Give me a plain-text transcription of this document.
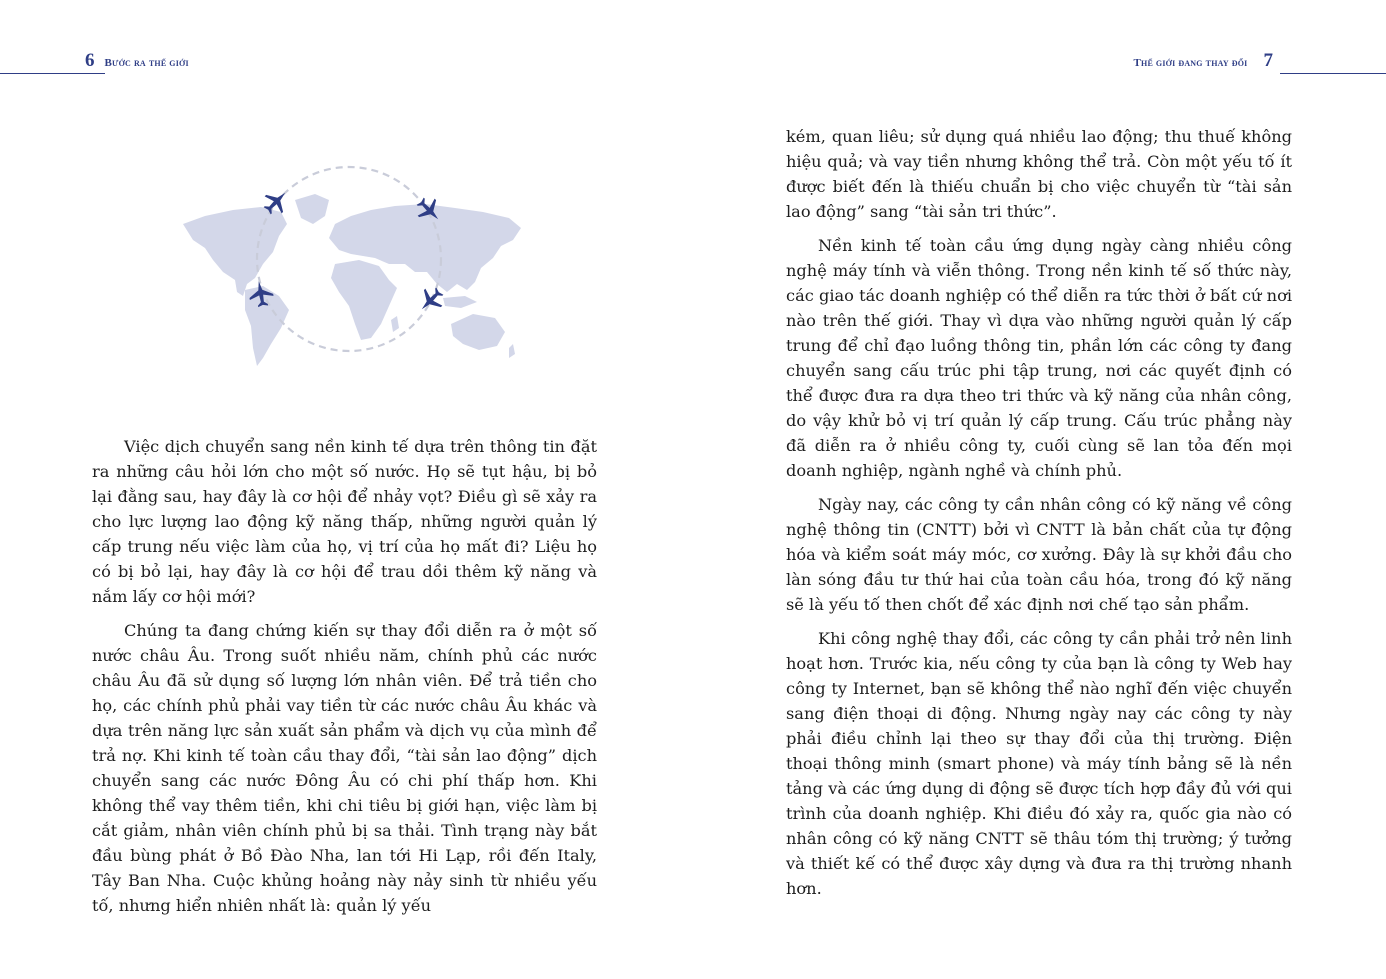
6 Bước ra thế giới

Việc dịch chuyển sang nền kinh tế dựa trên thông tin đặt ra những câu hỏi lớn cho một số nước. Họ sẽ tụt hậu, bị bỏ lại đằng sau, hay đây là cơ hội để nhảy vọt? Điều gì sẽ xảy ra cho lực lượng lao động kỹ năng thấp, những người quản lý cấp trung nếu việc làm của họ, vị trí của họ mất đi? Liệu họ có bị bỏ lại, hay đây là cơ hội để trau dồi thêm kỹ năng và nắm lấy cơ hội mới?

Chúng ta đang chứng kiến sự thay đổi diễn ra ở một số nước châu Âu. Trong suốt nhiều năm, chính phủ các nước châu Âu đã sử dụng số lượng lớn nhân viên. Để trả tiền cho họ, các chính phủ phải vay tiền từ các nước châu Âu khác và dựa trên năng lực sản xuất sản phẩm và dịch vụ của mình để trả nợ. Khi kinh tế toàn cầu thay đổi, “tài sản lao động” dịch chuyển sang các nước Đông Âu có chi phí thấp hơn. Khi không thể vay thêm tiền, khi chi tiêu bị giới hạn, việc làm bị cắt giảm, nhân viên chính phủ bị sa thải. Tình trạng này bắt đầu bùng phát ở Bồ Đào Nha, lan tới Hi Lạp, rồi đến Italy, Tây Ban Nha. Cuộc khủng hoảng này nảy sinh từ nhiều yếu tố, nhưng hiển nhiên nhất là: quản lý yếu

Thế giới đang thay đổi 7

kém, quan liêu; sử dụng quá nhiều lao động; thu thuế không hiệu quả; và vay tiền nhưng không thể trả. Còn một yếu tố ít được biết đến là thiếu chuẩn bị cho việc chuyển từ “tài sản lao động” sang “tài sản tri thức”.

Nền kinh tế toàn cầu ứng dụng ngày càng nhiều công nghệ máy tính và viễn thông. Trong nền kinh tế số thức này, các giao tác doanh nghiệp có thể diễn ra tức thời ở bất cứ nơi nào trên thế giới. Thay vì dựa vào những người quản lý cấp trung để chỉ đạo luồng thông tin, phần lớn các công ty đang chuyển sang cấu trúc phi tập trung, nơi các quyết định có thể được đưa ra dựa theo tri thức và kỹ năng của nhân công, do vậy khử bỏ vị trí quản lý cấp trung. Cấu trúc phẳng này đã diễn ra ở nhiều công ty, cuối cùng sẽ lan tỏa đến mọi doanh nghiệp, ngành nghề và chính phủ.

Ngày nay, các công ty cần nhân công có kỹ năng về công nghệ thông tin (CNTT) bởi vì CNTT là bản chất của tự động hóa và kiểm soát máy móc, cơ xưởng. Đây là sự khởi đầu cho làn sóng đầu tư thứ hai của toàn cầu hóa, trong đó kỹ năng sẽ là yếu tố then chốt để xác định nơi chế tạo sản phẩm.

Khi công nghệ thay đổi, các công ty cần phải trở nên linh hoạt hơn. Trước kia, nếu công ty của bạn là công ty Web hay công ty Internet, bạn sẽ không thể nào nghĩ đến việc chuyển sang điện thoại di động. Nhưng ngày nay các công ty này phải điều chỉnh lại theo sự thay đổi của thị trường. Điện thoại thông minh (smart phone) và máy tính bảng sẽ là nền tảng và các ứng dụng di động sẽ được tích hợp đầy đủ với qui trình của doanh nghiệp. Khi điều đó xảy ra, quốc gia nào có nhân công có kỹ năng CNTT sẽ thâu tóm thị trường; ý tưởng và thiết kế có thể được xây dựng và đưa ra thị trường nhanh hơn.
